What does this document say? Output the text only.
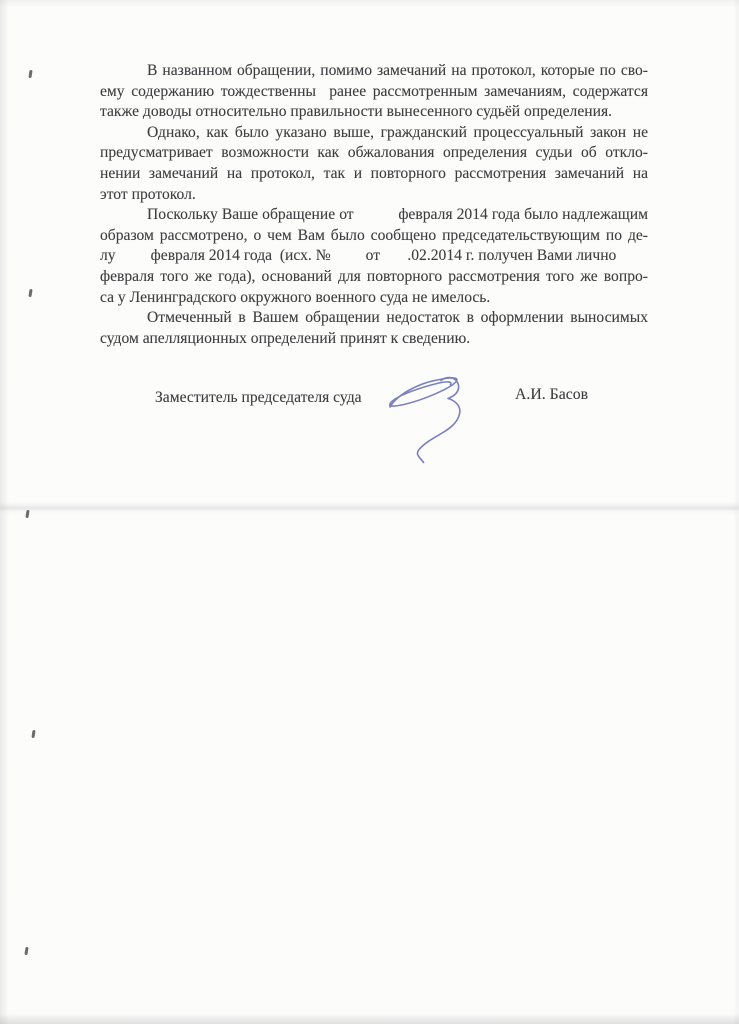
В названном обращении, помимо замечаний на протокол, которые по сво-
ему содержанию тождественны  ранее рассмотренным замечаниям, содержатся
также доводы относительно правильности вынесенного судьёй определения.
Однако, как было указано выше, гражданский процессуальный закон не
предусматривает возможности как обжалования определения судьи об откло-
нении замечаний на протокол, так и повторного рассмотрения замечаний на
этот протокол.
Поскольку Ваше обращение от           февраля 2014 года было надлежащим
образом рассмотрено, о чем Вам было сообщено председательствующим по де-
лу         февраля 2014 года  (исх. №         от       .02.2014 г. получен Вами лично
февраля того же года), оснований для повторного рассмотрения того же вопро-
са у Ленинградского окружного военного суда не имелось.
Отмеченный в Вашем обращении недостаток в оформлении выносимых
судом апелляционных определений принят к сведению.
Заместитель председателя суда	А.И. Басов
